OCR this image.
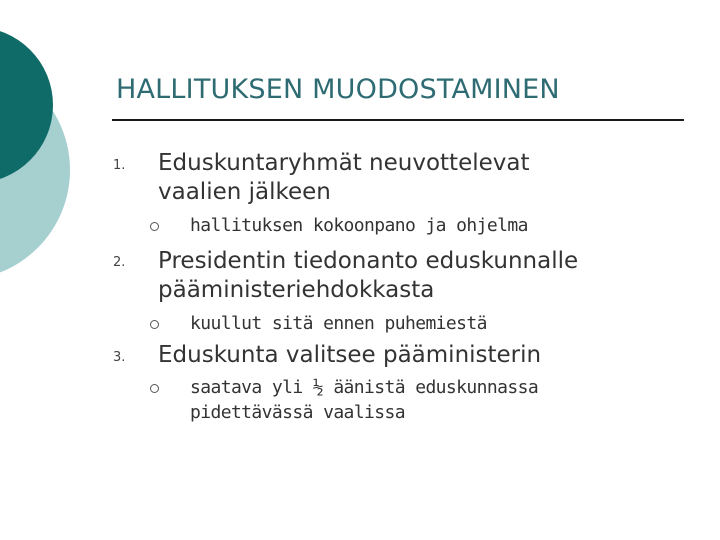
HALLITUKSEN MUODOSTAMINEN
1. Eduskuntaryhmät neuvottelevat
vaalien jälkeen
hallituksen kokoonpano ja ohjelma
2. Presidentin tiedonanto eduskunnalle
pääministeriehdokkasta
kuullut sitä ennen puhemiestä
3. Eduskunta valitsee pääministerin
saatava yli ½ äänistä eduskunnassa
pidettävässä vaalissa
